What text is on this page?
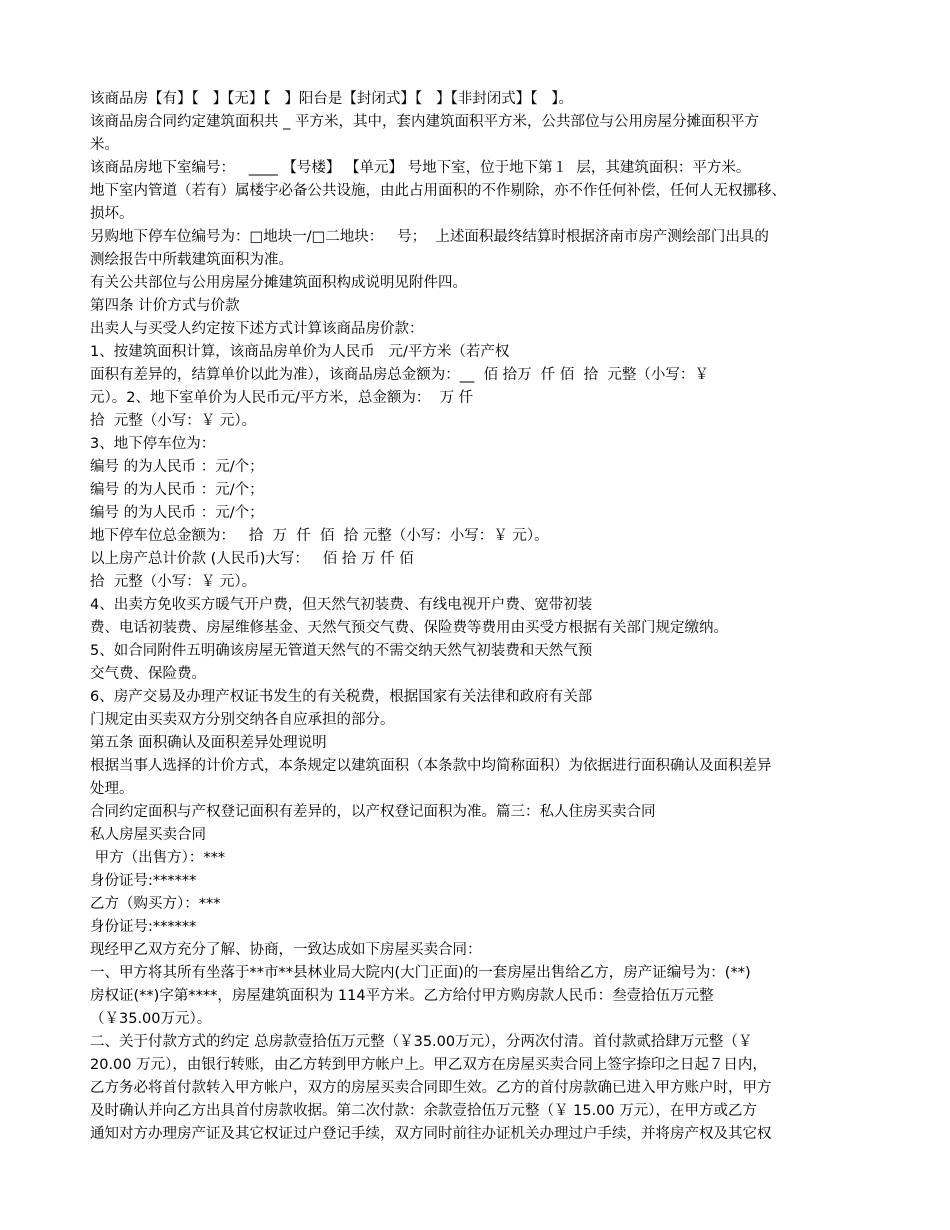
该商品房【有】【   】【无】【   】阳台是【封闭式】【   】【非封闭式】【   】。
该商品房合同约定建筑面积共 _ 平方米，其中，套内建筑面积平方米，公共部位与公用房屋分摊面积平方
米。
该商品房地下室编号：   ____ 【号楼】 【单元】 号地下室，位于地下第１  层，其建筑面积：平方米。
地下室内管道（若有）属楼宇必备公共设施，由此占用面积的不作剔除，亦不作任何补偿，任何人无权挪移、
损坏。
另购地下停车位编号为：□地块一/□二地块：   号；  上述面积最终结算时根据济南市房产测绘部门出具的
测绘报告中所载建筑面积为准。
有关公共部位与公用房屋分摊建筑面积构成说明见附件四。
第四条 计价方式与价款
出卖人与买受人约定按下述方式计算该商品房价款：
1、按建筑面积计算，该商品房单价为人民币   元/平方米（若产权
面积有差异的，结算单价以此为准），该商品房总金额为：__  佰 拾万  仟 佰  拾  元整（小写：￥
元）。2、地下室单价为人民币元/平方米，总金额为：  万 仟
拾  元整（小写：￥ 元）。
3、地下停车位为：
编号 的为人民币 ：元/个；
编号 的为人民币 ：元/个；
编号 的为人民币 ：元/个；
地下停车位总金额为：   拾  万  仟  佰  拾 元整（小写：小写：￥ 元）。
以上房产总计价款 (人民币)大写：   佰 拾 万 仟 佰
拾  元整（小写：￥ 元）。
4、出卖方免收买方暖气开户费，但天然气初装费、有线电视开户费、宽带初装
费、电话初装费、房屋维修基金、天然气预交气费、保险费等费用由买受方根据有关部门规定缴纳。
5、如合同附件五明确该房屋无管道天然气的不需交纳天然气初装费和天然气预
交气费、保险费。
6、房产交易及办理产权证书发生的有关税费，根据国家有关法律和政府有关部
门规定由买卖双方分别交纳各自应承担的部分。
第五条 面积确认及面积差异处理说明
根据当事人选择的计价方式，本条规定以建筑面积（本条款中均简称面积）为依据进行面积确认及面积差异
处理。
合同约定面积与产权登记面积有差异的，以产权登记面积为准。篇三：私人住房买卖合同
私人房屋买卖合同
甲方（出售方）：***
身份证号:******
乙方（购买方）：***
身份证号:******
现经甲乙双方充分了解、协商，一致达成如下房屋买卖合同：
一、甲方将其所有坐落于**市**县林业局大院内(大门正面)的一套房屋出售给乙方，房产证编号为：(**)
房权证(**)字第****，房屋建筑面积为 114平方米。乙方给付甲方购房款人民币：叁壹拾伍万元整
（￥35.00万元）。
二、关于付款方式的约定 总房款壹拾伍万元整（￥35.00万元），分两次付清。首付款贰拾肆万元整（￥
20.00 万元），由银行转账，由乙方转到甲方帐户上。甲乙双方在房屋买卖合同上签字捺印之日起７日内，
乙方务必将首付款转入甲方帐户，双方的房屋买卖合同即生效。乙方的首付房款确已进入甲方账户时，甲方
及时确认并向乙方出具首付房款收据。第二次付款：余款壹拾伍万元整（￥ 15.00 万元），在甲方或乙方
通知对方办理房产证及其它权证过户登记手续，双方同时前往办证机关办理过户手续，并将房产权及其它权
